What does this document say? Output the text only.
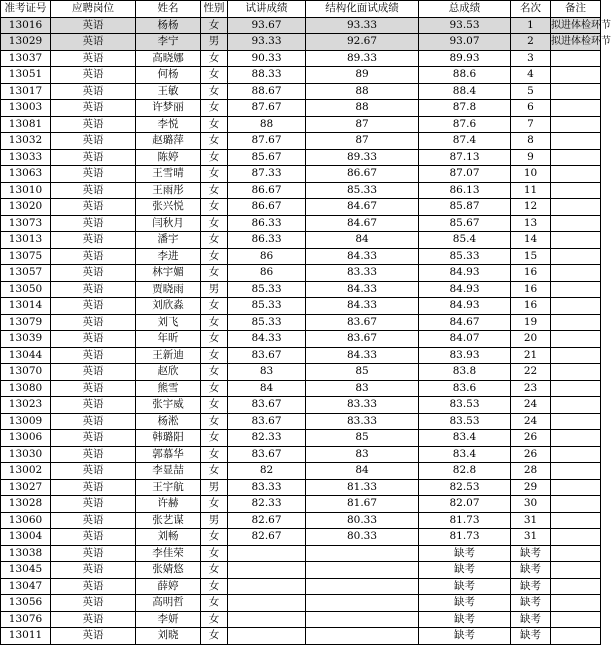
准考证号	应聘岗位	姓名	性别	试讲成绩	结构化面试成绩	总成绩	名次	备注
13016	英语	杨杨	女	93.67	93.33	93.53	1	拟进体检环节
13029	英语	李宁	男	93.33	92.67	93.07	2	拟进体检环节
13037	英语	高晓娜	女	90.33	89.33	89.93	3	
13051	英语	何杨	女	88.33	89	88.6	4	
13017	英语	王敏	女	88.67	88	88.4	5	
13003	英语	许梦丽	女	87.67	88	87.8	6	
13081	英语	李悦	女	88	87	87.6	7	
13032	英语	赵璐萍	女	87.67	87	87.4	8	
13033	英语	陈婷	女	85.67	89.33	87.13	9	
13063	英语	王雪晴	女	87.33	86.67	87.07	10	
13010	英语	王雨彤	女	86.67	85.33	86.13	11	
13020	英语	张兴悦	女	86.67	84.67	85.87	12	
13073	英语	闫秋月	女	86.33	84.67	85.67	13	
13013	英语	潘宇	女	86.33	84	85.4	14	
13075	英语	李进	女	86	84.33	85.33	15	
13057	英语	林宇媚	女	86	83.33	84.93	16	
13050	英语	贾晓雨	男	85.33	84.33	84.93	16	
13014	英语	刘欣淼	女	85.33	84.33	84.93	16	
13079	英语	刘飞	女	85.33	83.67	84.67	19	
13039	英语	年昕	女	84.33	83.67	84.07	20	
13044	英语	王新迪	女	83.67	84.33	83.93	21	
13070	英语	赵欣	女	83	85	83.8	22	
13080	英语	熊雪	女	84	83	83.6	23	
13023	英语	张宇威	女	83.67	83.33	83.53	24	
13009	英语	杨淞	女	83.67	83.33	83.53	24	
13006	英语	韩璐阳	女	82.33	85	83.4	26	
13030	英语	郭慕华	女	83.67	83	83.4	26	
13002	英语	李显喆	女	82	84	82.8	28	
13027	英语	王宇航	男	83.33	81.33	82.53	29	
13028	英语	许赫	女	82.33	81.67	82.07	30	
13060	英语	张艺谋	男	82.67	80.33	81.73	31	
13004	英语	刘畅	女	82.67	80.33	81.73	31	
13038	英语	李佳荣	女			缺考	缺考	
13045	英语	张婧悠	女			缺考	缺考	
13047	英语	薛婷	女			缺考	缺考	
13056	英语	高明哲	女			缺考	缺考	
13076	英语	李妍	女			缺考	缺考	
13011	英语	刘晓	女			缺考	缺考	
